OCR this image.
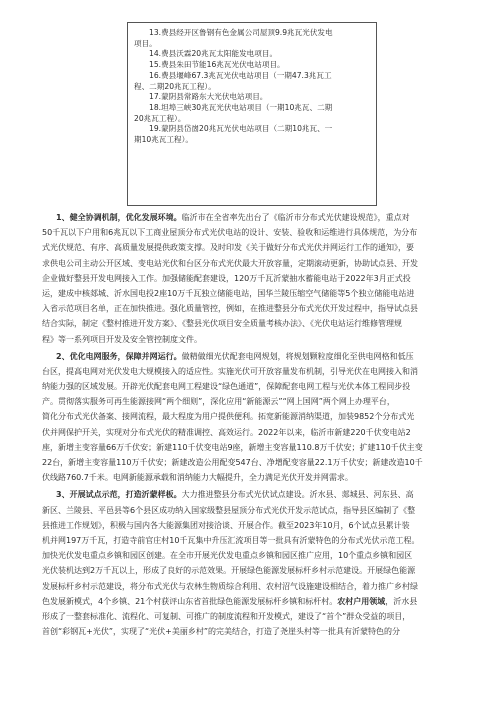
13.费县经开区鲁钢有色金属公司屋顶9.9兆瓦光伏发电
项目。
14.费县沃霖20兆瓦太阳能发电项目。
15.费县朱田节能16兆瓦光伏电站项目。
16.费县堰峰67.3兆瓦光伏电站项目（一期47.3兆瓦工
程、二期20兆瓦工程）。
17.蒙阴县常路东大光伏电站项目。
18.坦埠三峡30兆瓦光伏电站项目（一期10兆瓦、二期
20兆瓦工程）。
19.蒙阴县岱崮20兆瓦光伏电站项目（二期10兆瓦、一
期10兆瓦工程）。
1、健全协调机制，优化发展环境。临沂市在全省率先出台了《临沂市分布式光伏建设规范》，重点对
50千瓦以下户用和6兆瓦以下工商业屋顶分布式光伏电站的设计、安装、验收和运维进行具体规范，为分布
式光伏规范、有序、高质量发展提供政策支撑。及时印发《关于做好分布式光伏并网运行工作的通知》，要
求供电公司主动公开区域、变电站光伏和台区分布式光伏最大开放容量，定期滚动更新，协助试点县、开发
企业做好整县开发电网接入工作。加强储能配套建设，120万千瓦沂蒙抽水蓄能电站于2022年3月正式投
运，建成中核郯城、沂水国电投2座10万千瓦独立储能电站，国华兰陵压缩空气储能等5个独立储能电站进
入省示范项目名单，正在加快推进。强化质量管控，例如，在推进整县分布式光伏开发过程中，指导试点县
结合实际，制定《整村推进开发方案》、《整县光伏项目安全质量考核办法》、《光伏电站运行维修管理规
程》等一系列项目开发及安全管控制度文件。
2、优化电网服务，保障并网运行。做精做细光伏配套电网规划，将规划颗粒度细化至供电网格和低压
台区，提高电网对光伏发电大规模接入的适应性。实施光伏可开放容量发布机制，引导光伏在电网接入和消
纳能力强的区域发展。开辟光伏配套电网工程建设“绿色通道”，保障配套电网工程与光伏本体工程同步投
产。贯彻落实服务可再生能源接网“两个细则”，深化应用“新能源云”“网上国网”两个网上办理平台，
简化分布式光伏备案、接网流程，最大程度为用户提供便利。拓宽新能源消纳渠道，加装9852个分布式光
伏并网保护开关，实现对分布式光伏的精准调控、高效运行。2022年以来，临沂市新建220千伏变电站2
座，新增主变容量66万千伏安；新建110千伏变电站9座，新增主变容量110.8万千伏安；扩建110千伏主变
22台，新增主变容量110万千伏安；新建改造公用配变547台、净增配变容量22.1万千伏安；新建改造10千
伏线路760.7千米。电网新能源承载和消纳能力大幅提升，全力满足光伏开发并网需求。
3、开展试点示范，打造沂蒙样板。大力推进整县分布式光伏试点建设。沂水县、郯城县、河东县、高
新区、兰陵县、平邑县等6个县区成功纳入国家级整县屋顶分布式光伏开发示范试点，指导县区编制了《整
县推进工作规划》，积极与国内各大能源集团对接洽谈、开展合作。截至2023年10月，6个试点县累计装
机并网197万千瓦，打造寺前官庄村10千瓦集中升压汇流项目等一批具有沂蒙特色的分布式光伏示范工程。
加快光伏发电重点乡镇和园区创建。在全市开展光伏发电重点乡镇和园区推广应用，10个重点乡镇和园区
光伏装机达到2万千瓦以上，形成了良好的示范效果。开展绿色能源发展标杆乡村示范建设。开展绿色能源
发展标杆乡村示范建设，将分布式光伏与农林生物质综合利用、农村沼气设施建设相结合，着力推广乡村绿
色发展新模式，4个乡镇、21个村获评山东省首批绿色能源发展标杆乡镇和标杆村。农村户用领域，沂水县
形成了一整套标准化、流程化、可复制、可推广的制度流程和开发模式，建设了“首个”群众受益的项目，
首创“彩钢瓦+光伏”，实现了“光伏+美丽乡村”的完美结合，打造了尧崖头村等一批具有沂蒙特色的分
